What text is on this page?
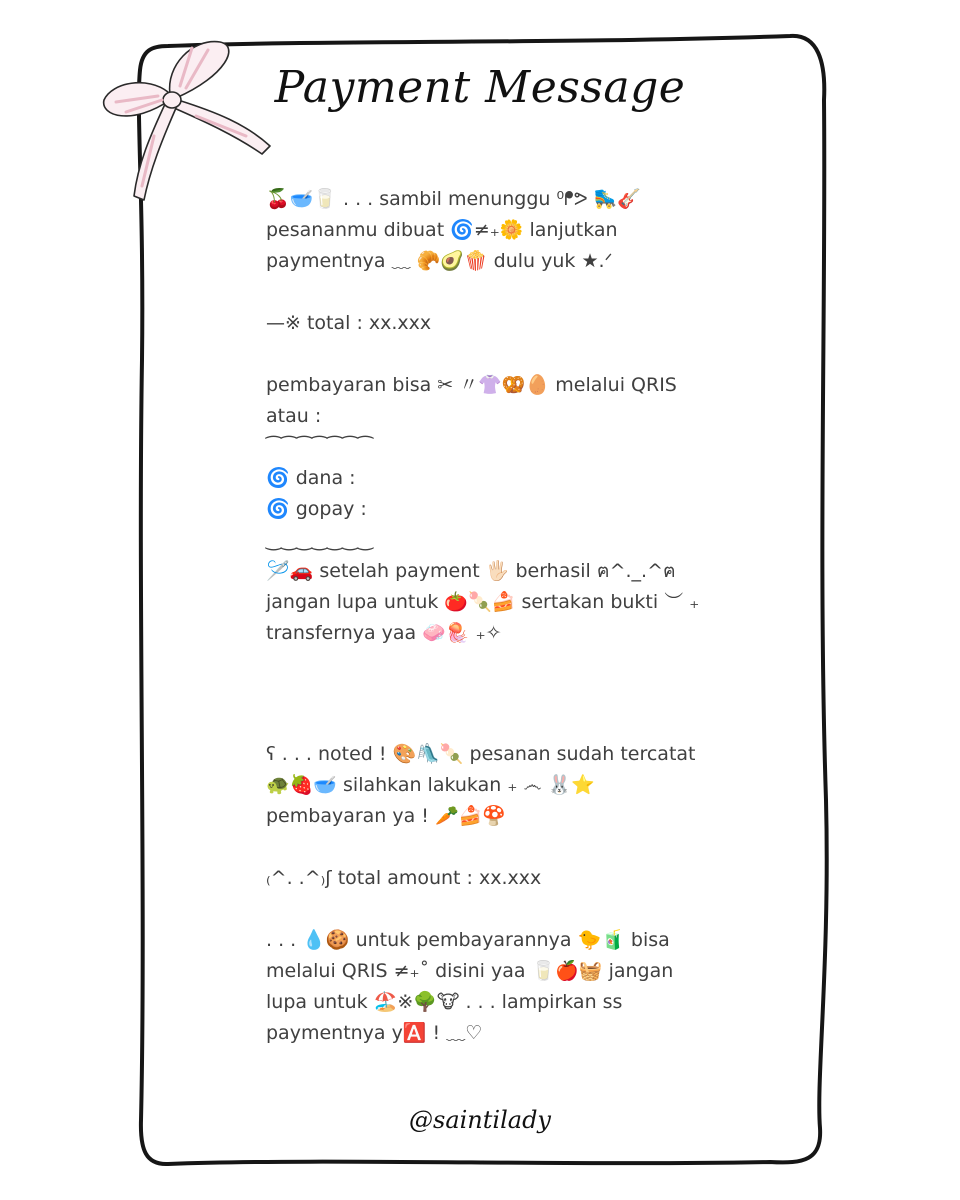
Payment Message
🍒🥣🥛 . . . sambil menunggu ⁰ᖰᕗ 🛼🎸
pesananmu dibuat 🌀≠₊🌼 lanjutkan
paymentnya ﹏ 🥐🥑🍿 dulu yuk ★.ᐟ
—※ total : xx.xxx
pembayaran bisa ✂ 〃👚🥨🥚 melalui QRIS
atau :
⁀⁀⁀⁀⁀⁀⁀
🌀 dana :
🌀 gopay :
‿‿‿‿‿‿‿
🪡🚗 setelah payment 🖐🏻 berhasil ฅ^._.^ฅ
jangan lupa untuk 🍅🍡🍰 sertakan bukti ︶ ₊
transfernya yaa 🧼🪼 ₊✧
ʕ . . . noted ! 🎨🛝🍡 pesanan sudah tercatat
🐢🍓🥣 silahkan lakukan ₊ ෴ 🐰⭐
pembayaran ya ! 🥕🍰🍄
₍^. .^₎ʃ total amount : xx.xxx
. . . 💧🍪 untuk pembayarannya 🐤🧃 bisa
melalui QRIS ≠₊˚ disini yaa 🥛🍎🧺 jangan
lupa untuk 🏖️※🌳🐮 . . . lampirkan ss
paymentnya y🅰️ ! ﹏♡
@saintilady
